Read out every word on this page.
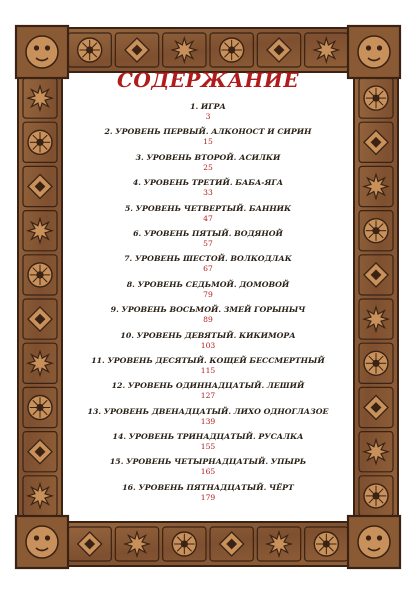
СОДЕРЖАНИЕ
1. ИГРА
3
2. УРОВЕНЬ ПЕРВЫЙ. АЛКОНОСТ И СИРИН
15
3. УРОВЕНЬ ВТОРОЙ. АСИЛКИ
25
4. УРОВЕНЬ ТРЕТИЙ. БАБА-ЯГА
33
5. УРОВЕНЬ ЧЕТВЕРТЫЙ. БАННИК
47
6. УРОВЕНЬ ПЯТЫЙ. ВОДЯНОЙ
57
7. УРОВЕНЬ ШЕСТОЙ. ВОЛКОДЛАК
67
8. УРОВЕНЬ СЕДЬМОЙ. ДОМОВОЙ
79
9. УРОВЕНЬ ВОСЬМОЙ. ЗМЕЙ ГОРЫНЫЧ
89
10. УРОВЕНЬ ДЕВЯТЫЙ. КИКИМОРА
103
11. УРОВЕНЬ ДЕСЯТЫЙ. КОЩЕЙ БЕССМЕРТНЫЙ
115
12. УРОВЕНЬ ОДИННАДЦАТЫЙ. ЛЕШИЙ
127
13. УРОВЕНЬ ДВЕНАДЦАТЫЙ. ЛИХО ОДНОГЛАЗОЕ
139
14. УРОВЕНЬ ТРИНАДЦАТЫЙ. РУСАЛКА
155
15. УРОВЕНЬ ЧЕТЫРНАДЦАТЫЙ. УПЫРЬ
165
16. УРОВЕНЬ ПЯТНАДЦАТЫЙ. ЧЁРТ
179
